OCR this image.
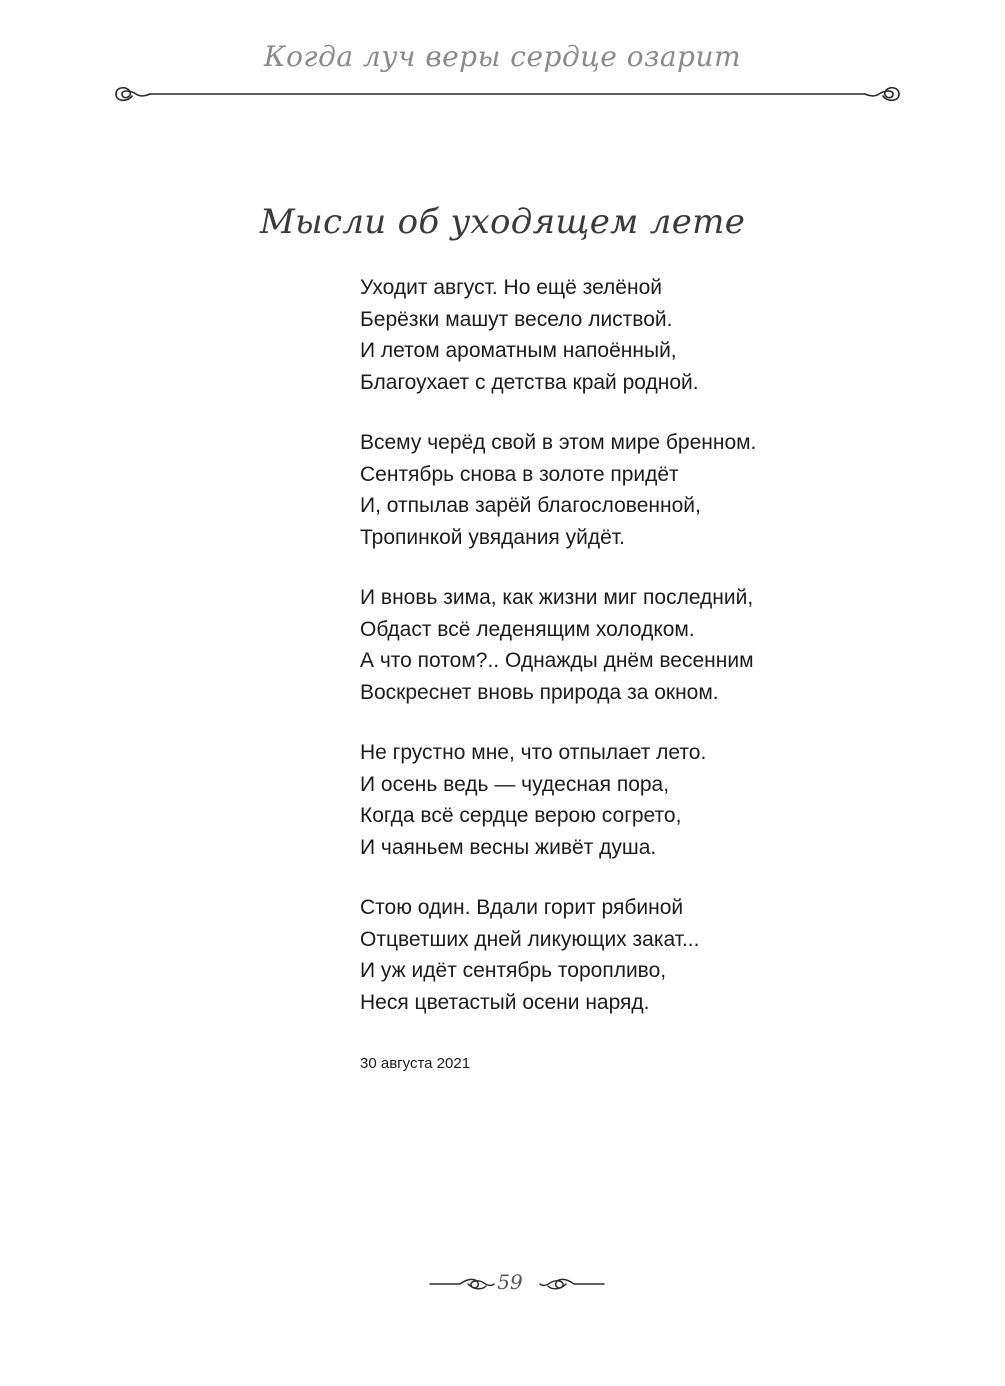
Когда луч веры сердце озарит
Мысли об уходящем лете
Уходит август. Но ещё зелёной
Берёзки машут весело листвой.
И летом ароматным напоённый,
Благоухает с детства край родной.
Всему черёд свой в этом мире бренном.
Сентябрь снова в золоте придёт
И, отпылав зарёй благословенной,
Тропинкой увядания уйдёт.
И вновь зима, как жизни миг последний,
Обдаст всё леденящим холодком.
А что потом?.. Однажды днём весенним
Воскреснет вновь природа за окном.
Не грустно мне, что отпылает лето.
И осень ведь — чудесная пора,
Когда всё сердце верою согрето,
И чаяньем весны живёт душа.
Стою один. Вдали горит рябиной
Отцветших дней ликующих закат...
И уж идёт сентябрь торопливо,
Неся цветастый осени наряд.
30 августа 2021
59
